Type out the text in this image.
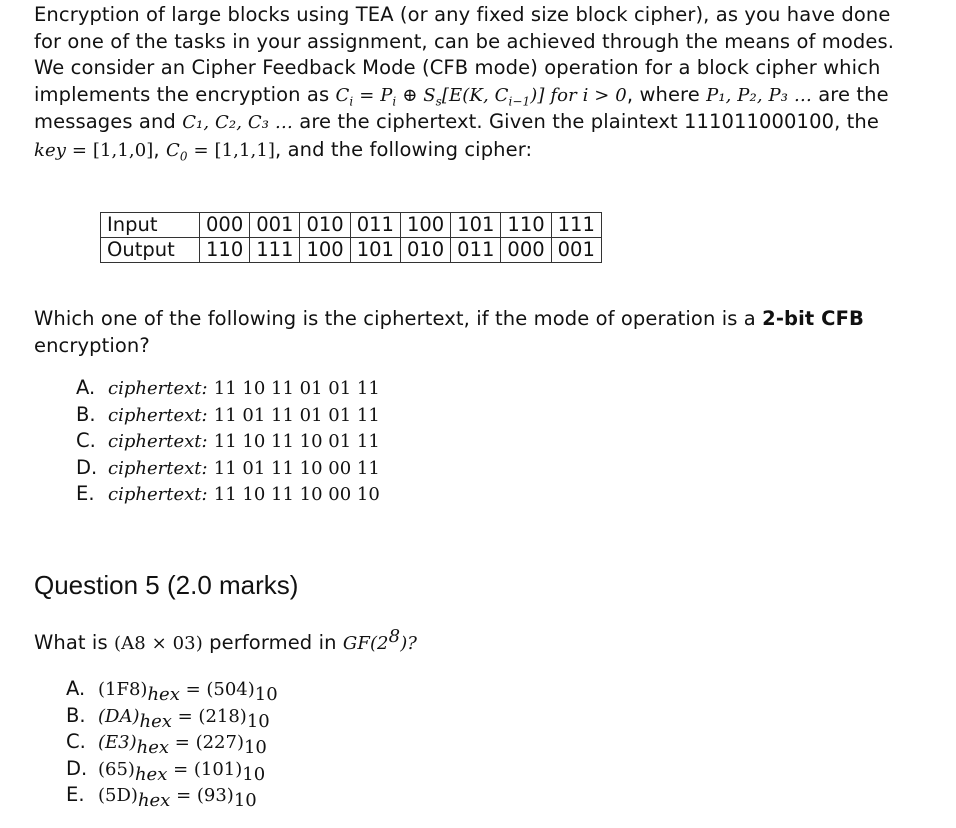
Encryption of large blocks using TEA (or any fixed size block cipher), as you have done for one of the tasks in your assignment, can be achieved through the means of modes. We consider an Cipher Feedback Mode (CFB mode) operation for a block cipher which implements the encryption as $C_i = P_i$ ⊕ $S_s[E(K$, $C_{i-1}$)] for i > 0, where P₁, P₂, P₃ … are the messages and C₁, C₂, C₃ … are the ciphertext. Given the plaintext 111011000100, the key = [1,1,0], $C_0 = [1,1,1]$, and the following cipher:
Input	000	001	010	011	100	101	110	111
Output	110	111	100	101	010	011	000	001
Which one of the following is the ciphertext, if the mode of operation is a 2-bit CFB encryption?
A. ciphertext: 11 10 11 01 01 11
B. ciphertext: 11 01 11 01 01 11
C. ciphertext: 11 10 11 10 01 11
D. ciphertext: 11 01 11 10 00 11
E. ciphertext: 11 10 11 10 00 10
Question 5 (2.0 marks)
What is (A8 × 03) performed in $GF(2^8)$?
A. $(1F8)_{hex} = (504)_{10}$
B. $(DA)_{hex} = (218)_{10}$
C. $(E3)_{hex} = (227)_{10}$
D. $(65)_{hex} = (101)_{10}$
E. $(5D)_{hex} = (93)_{10}$
